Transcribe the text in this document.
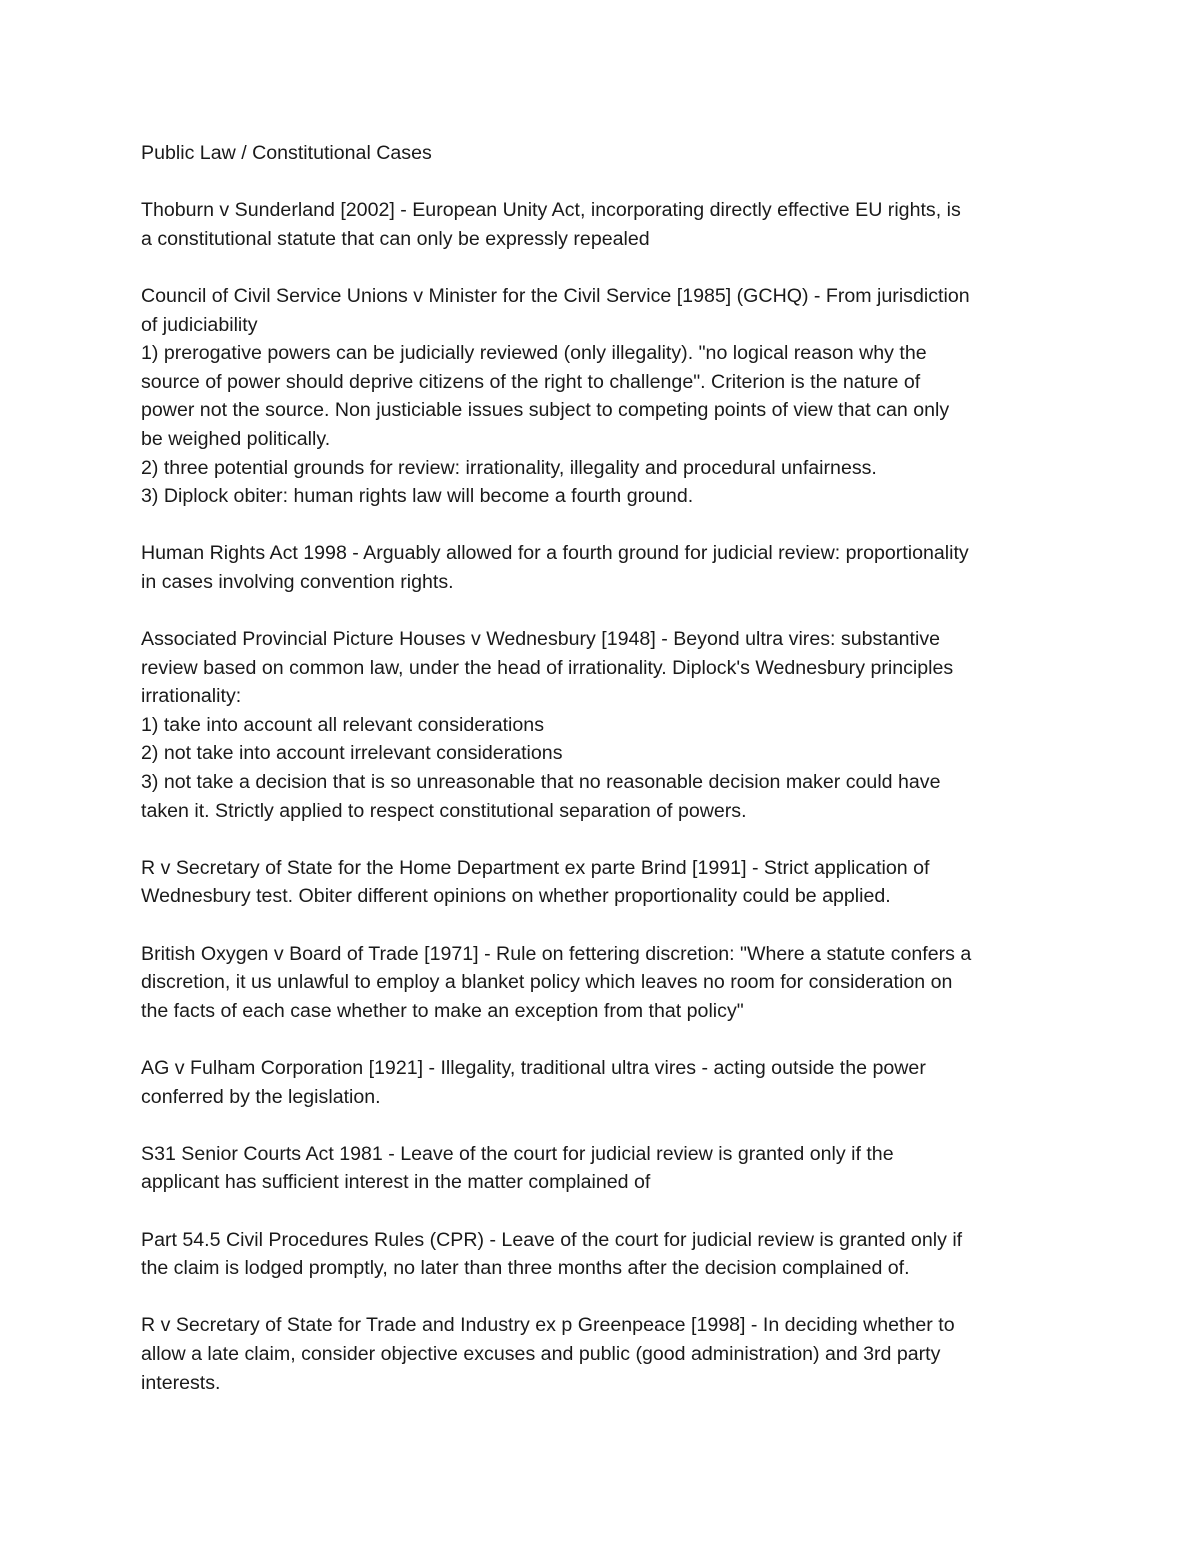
Public Law / Constitutional Cases
Thoburn v Sunderland [2002] - European Unity Act, incorporating directly effective EU rights, is
a constitutional statute that can only be expressly repealed
Council of Civil Service Unions v Minister for the Civil Service [1985] (GCHQ) - From jurisdiction
of judiciability
1) prerogative powers can be judicially reviewed (only illegality). "no logical reason why the
source of power should deprive citizens of the right to challenge". Criterion is the nature of
power not the source. Non justiciable issues subject to competing points of view that can only
be weighed politically.
2) three potential grounds for review: irrationality, illegality and procedural unfairness.
3) Diplock obiter: human rights law will become a fourth ground.
Human Rights Act 1998 - Arguably allowed for a fourth ground for judicial review: proportionality
in cases involving convention rights.
Associated Provincial Picture Houses v Wednesbury [1948] - Beyond ultra vires: substantive
review based on common law, under the head of irrationality. Diplock's Wednesbury principles
irrationality:
1) take into account all relevant considerations
2) not take into account irrelevant considerations
3) not take a decision that is so unreasonable that no reasonable decision maker could have
taken it. Strictly applied to respect constitutional separation of powers.
R v Secretary of State for the Home Department ex parte Brind [1991] - Strict application of
Wednesbury test. Obiter different opinions on whether proportionality could be applied.
British Oxygen v Board of Trade [1971] - Rule on fettering discretion: "Where a statute confers a
discretion, it us unlawful to employ a blanket policy which leaves no room for consideration on
the facts of each case whether to make an exception from that policy"
AG v Fulham Corporation [1921] - Illegality, traditional ultra vires - acting outside the power
conferred by the legislation.
S31 Senior Courts Act 1981 - Leave of the court for judicial review is granted only if the
applicant has sufficient interest in the matter complained of
Part 54.5 Civil Procedures Rules (CPR) - Leave of the court for judicial review is granted only if
the claim is lodged promptly, no later than three months after the decision complained of.
R v Secretary of State for Trade and Industry ex p Greenpeace [1998] - In deciding whether to
allow a late claim, consider objective excuses and public (good administration) and 3rd party
interests.
